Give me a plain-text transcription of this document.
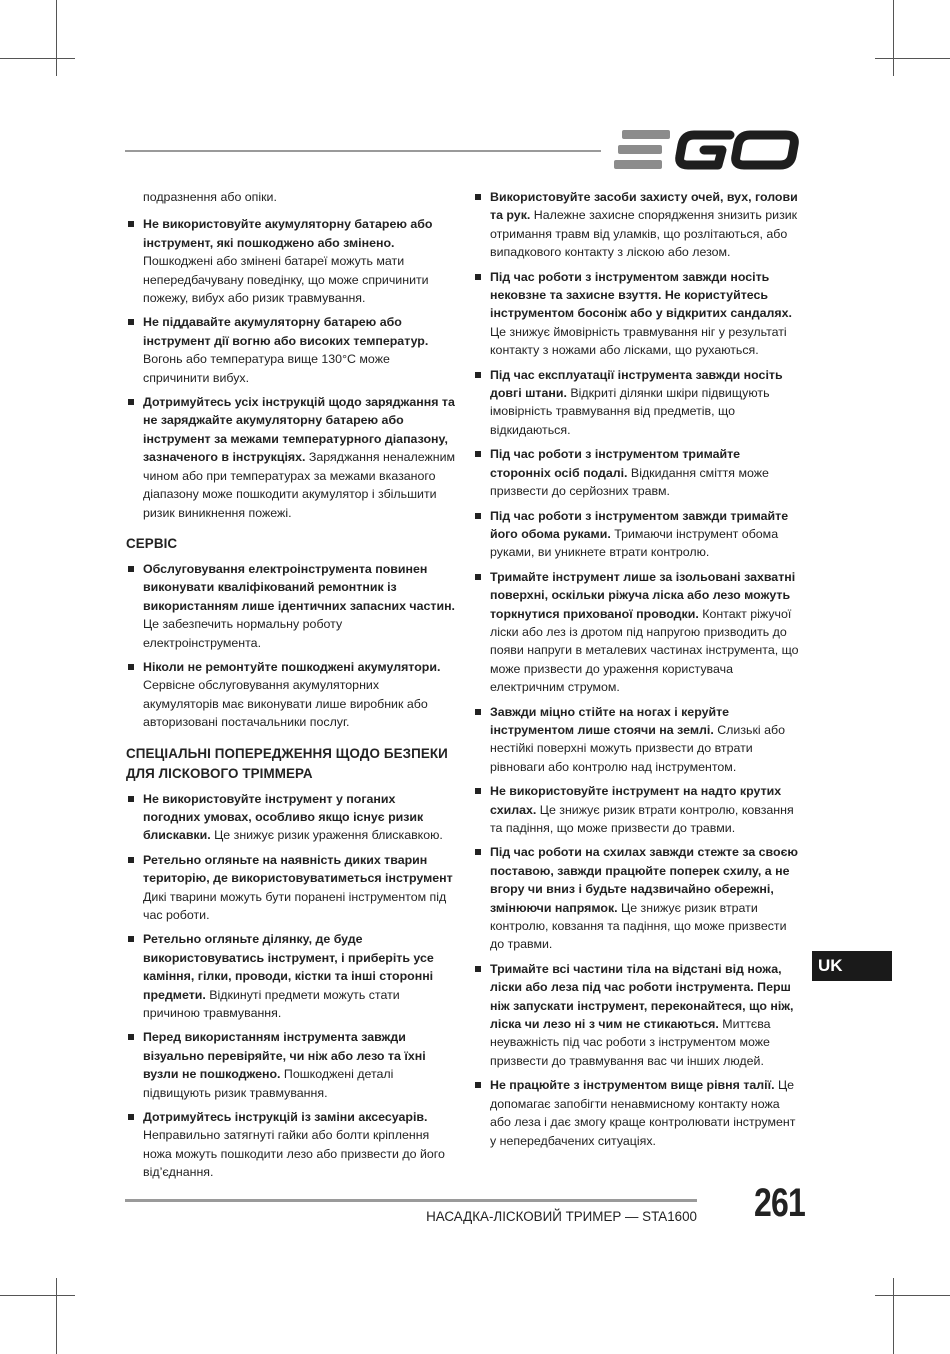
подразнення або опіки.
Не використовуйте акумуляторну батарею або інструмент, які пошкоджено або змінено. Пошкоджені або змінені батареї можуть мати непередбачувану поведінку, що може спричинити пожежу, вибух або ризик травмування.
Не піддавайте акумуляторну батарею або інструмент дії вогню або високих температур. Вогонь або температура вище 130°C може спричинити вибух.
Дотримуйтесь усіх інструкцій щодо заряджання та не заряджайте акумуляторну батарею або інструмент за межами температурного діапазону, зазначеного в інструкціях. Заряджання неналежним чином або при температурах за межами вказаного діапазону може пошкодити акумулятор і збільшити ризик виникнення пожежі.
СЕРВІС
Обслуговування електроінструмента повинен виконувати кваліфікований ремонтник із використанням лише ідентичних запасних частин. Це забезпечить нормальну роботу електроінструмента.
Ніколи не ремонтуйте пошкоджені акумулятори. Сервісне обслуговування акумуляторних акумуляторів має виконувати лише виробник або авторизовані постачальники послуг.
СПЕЦІАЛЬНІ ПОПЕРЕДЖЕННЯ ЩОДО БЕЗПЕКИ ДЛЯ ЛІСКОВОГО ТРІММЕРА
Не використовуйте інструмент у поганих погодних умовах, особливо якщо існує ризик блискавки. Це знижує ризик ураження блискавкою.
Ретельно огляньте на наявність диких тварин територію, де використовуватиметься інструмент Дикі тварини можуть бути поранені інструментом під час роботи.
Ретельно огляньте ділянку, де буде використовуватись інструмент, і приберіть усе каміння, гілки, проводи, кістки та інші сторонні предмети. Відкинуті предмети можуть стати причиною травмування.
Перед використанням інструмента завжди візуально перевіряйте, чи ніж або лезо та їхні вузли не пошкоджено. Пошкоджені деталі підвищують ризик травмування.
Дотримуйтесь інструкцій із заміни аксесуарів. Неправильно затягнуті гайки або болти кріплення ножа можуть пошкодити лезо або призвести до його від’єднання.
Використовуйте засоби захисту очей, вух, голови та рук. Належне захисне спорядження знизить ризик отримання травм від уламків, що розлітаються, або випадкового контакту з ліскою або лезом.
Під час роботи з інструментом завжди носіть нековзне та захисне взуття. Не користуйтесь інструментом босоніж або у відкритих сандалях. Це знижує ймовірність травмування ніг у результаті контакту з ножами або лісками, що рухаються.
Під час експлуатації інструмента завжди носіть довгі штани. Відкриті ділянки шкіри підвищують імовірність травмування від предметів, що відкидаються.
Під час роботи з інструментом тримайте сторонніх осіб подалі. Відкидання сміття може призвести до серйозних травм.
Під час роботи з інструментом завжди тримайте його обома руками. Тримаючи інструмент обома руками, ви уникнете втрати контролю.
Тримайте інструмент лише за ізольовані захватні поверхні, оскільки ріжуча ліска або лезо можуть торкнутися прихованої проводки. Контакт ріжучої ліски або лез із дротом під напругою призводить до появи напруги в металевих частинах інструмента, що може призвести до ураження користувача електричним струмом.
Завжди міцно стійте на ногах і керуйте інструментом лише стоячи на землі. Слизькі або нестійкі поверхні можуть призвести до втрати рівноваги або контролю над інструментом.
Не використовуйте інструмент на надто крутих схилах. Це знижує ризик втрати контролю, ковзання та падіння, що може призвести до травми.
Під час роботи на схилах завжди стежте за своєю поставою, завжди працюйте поперек схилу, а не вгору чи вниз і будьте надзвичайно обережні, змінюючи напрямок. Це знижує ризик втрати контролю, ковзання та падіння, що може призвести до травми.
Тримайте всі частини тіла на відстані від ножа, ліски або леза під час роботи інструмента. Перш ніж запускати інструмент, переконайтеся, що ніж, ліска чи лезо ні з чим не стикаються. Миттєва неуважність під час роботи з інструментом може призвести до травмування вас чи інших людей.
Не працюйте з інструментом вище рівня талії. Це допомагає запобігти ненавмисному контакту ножа або леза і дає змогу краще контролювати інструмент у непередбачених ситуаціях.
UK
НАСАДКА-ЛІСКОВИЙ ТРИМЕР — STA1600 261
